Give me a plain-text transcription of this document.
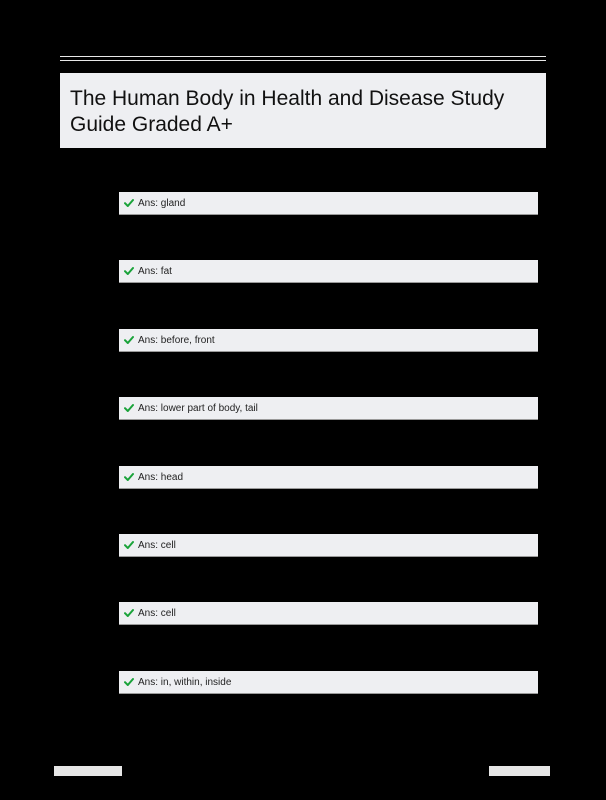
The Human Body in Health and Disease Study Guide Graded A+
Ans: gland
Ans: fat
Ans: before, front
Ans: lower part of body, tail
Ans: head
Ans: cell
Ans: cell
Ans: in, within, inside
